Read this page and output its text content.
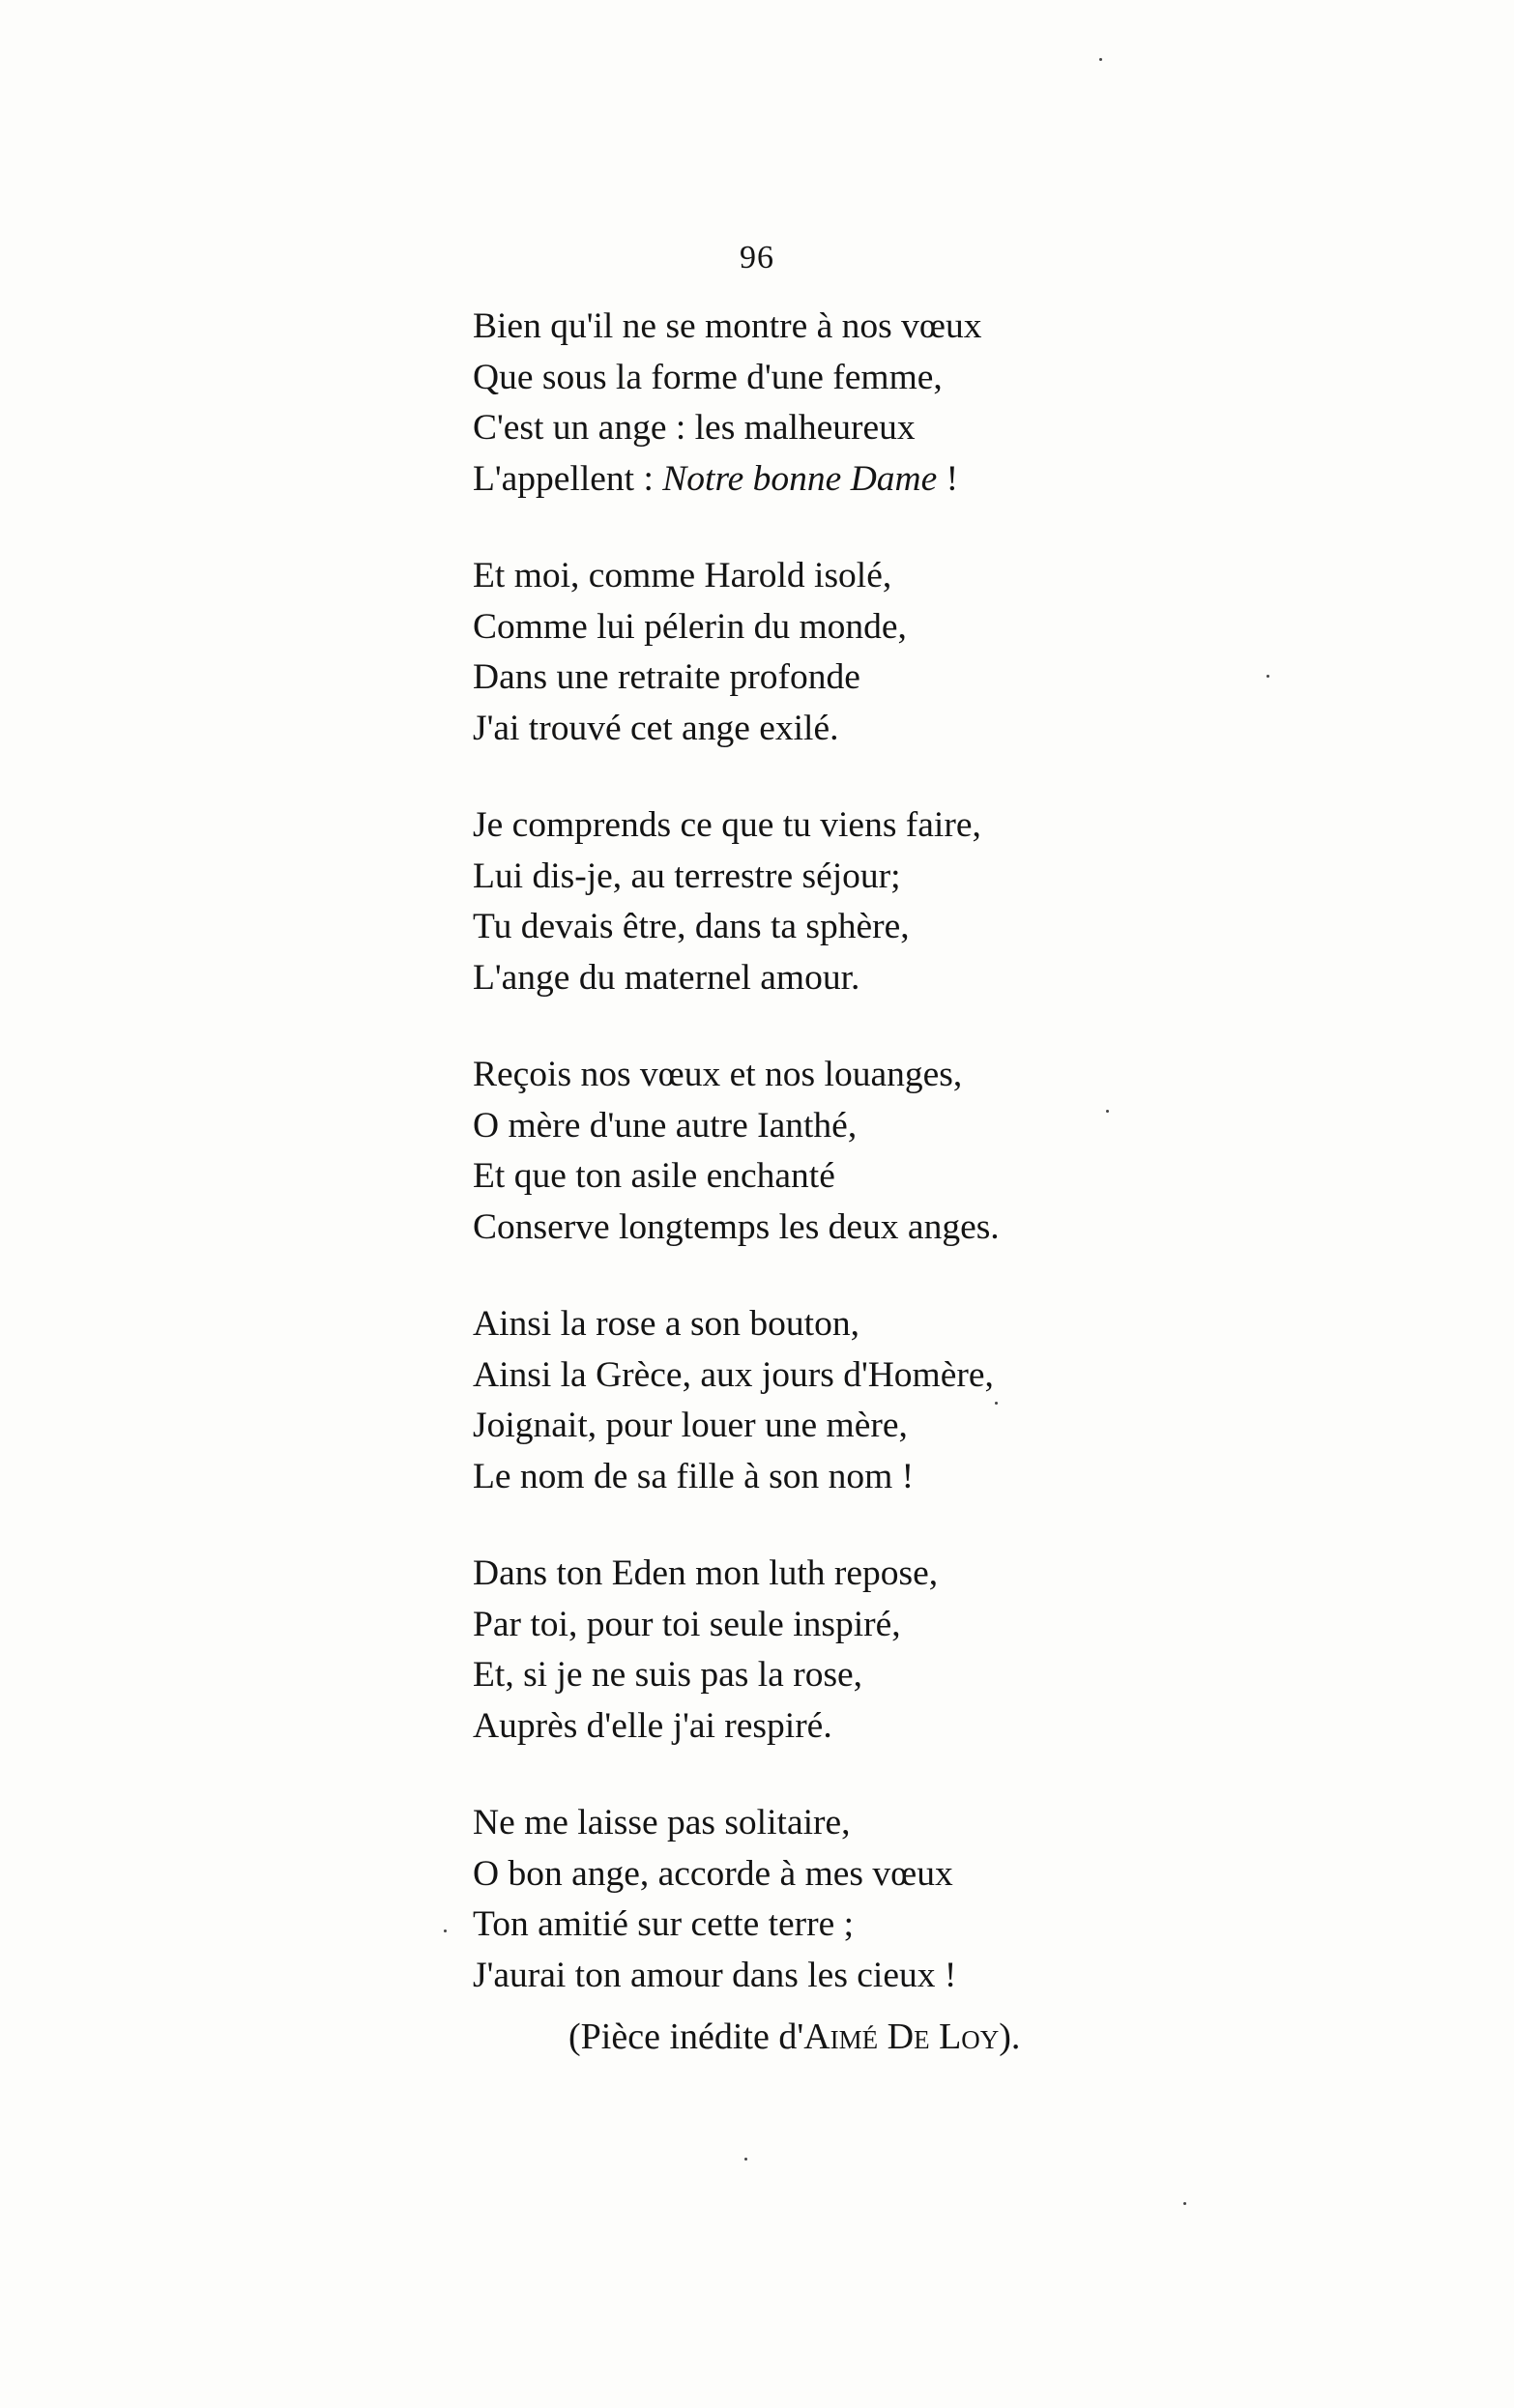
96
Bien qu'il ne se montre à nos vœux
Que sous la forme d'une femme,
C'est un ange : les malheureux
L'appellent : Notre bonne Dame !
Et moi, comme Harold isolé,
Comme lui pélerin du monde,
Dans une retraite profonde
J'ai trouvé cet ange exilé.
Je comprends ce que tu viens faire,
Lui dis-je, au terrestre séjour;
Tu devais être, dans ta sphère,
L'ange du maternel amour.
Reçois nos vœux et nos louanges,
O mère d'une autre Ianthé,
Et que ton asile enchanté
Conserve longtemps les deux anges.
Ainsi la rose a son bouton,
Ainsi la Grèce, aux jours d'Homère,
Joignait, pour louer une mère,
Le nom de sa fille à son nom !
Dans ton Eden mon luth repose,
Par toi, pour toi seule inspiré,
Et, si je ne suis pas la rose,
Auprès d'elle j'ai respiré.
Ne me laisse pas solitaire,
O bon ange, accorde à mes vœux
Ton amitié sur cette terre ;
J'aurai ton amour dans les cieux !
(Pièce inédite d'Aimé De Loy).
